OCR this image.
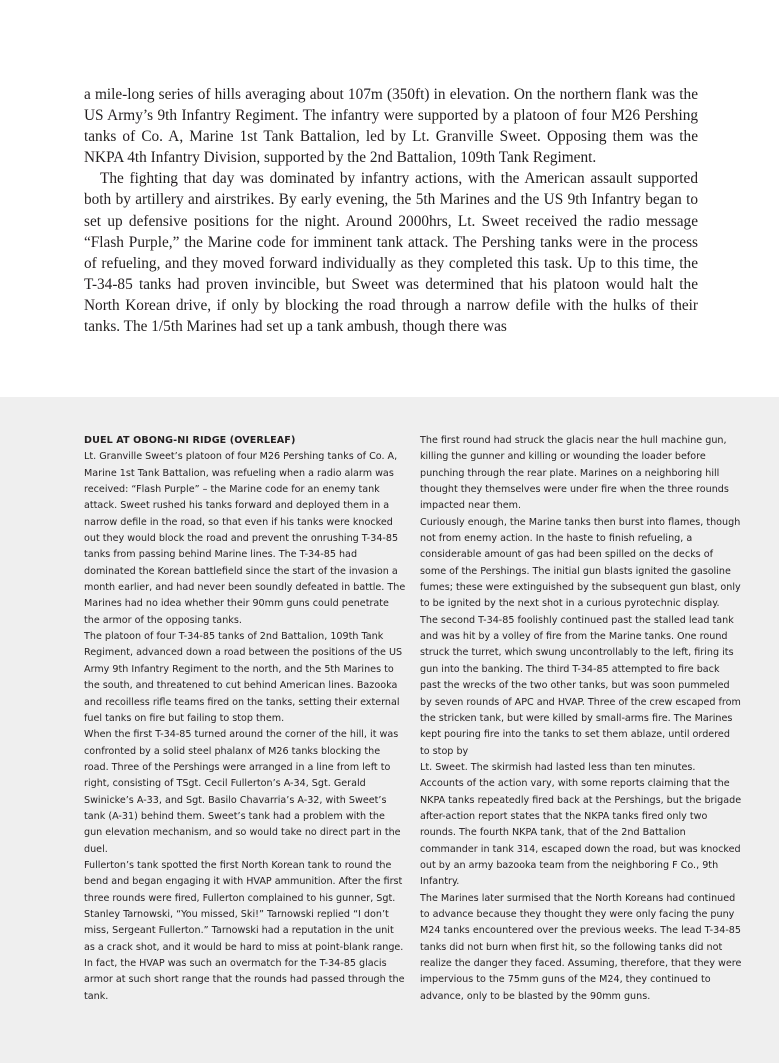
a mile-long series of hills averaging about 107m (350ft) in elevation. On the northern flank was the US Army’s 9th Infantry Regiment. The infantry were supported by a platoon of four M26 Pershing tanks of Co. A, Marine 1st Tank Battalion, led by Lt. Granville Sweet. Opposing them was the NKPA 4th Infantry Division, supported by the 2nd Battalion, 109th Tank Regiment.

The fighting that day was dominated by infantry actions, with the American assault supported both by artillery and airstrikes. By early evening, the 5th Marines and the US 9th Infantry began to set up defensive positions for the night. Around 2000hrs, Lt. Sweet received the radio message “Flash Purple,” the Marine code for imminent tank attack. The Pershing tanks were in the process of refueling, and they moved forward individually as they completed this task. Up to this time, the T-34-85 tanks had proven invincible, but Sweet was determined that his platoon would halt the North Korean drive, if only by blocking the road through a narrow defile with the hulks of their tanks. The 1/5th Marines had set up a tank ambush, though there was

DUEL AT OBONG-NI RIDGE (OVERLEAF)

Lt. Granville Sweet’s platoon of four M26 Pershing tanks of Co. A, Marine 1st Tank Battalion, was refueling when a radio alarm was received: “Flash Purple” – the Marine code for an enemy tank attack. Sweet rushed his tanks forward and deployed them in a narrow defile in the road, so that even if his tanks were knocked out they would block the road and prevent the onrushing T-34-85 tanks from passing behind Marine lines. The T-34-85 had dominated the Korean battlefield since the start of the invasion a month earlier, and had never been soundly defeated in battle. The Marines had no idea whether their 90mm guns could penetrate the armor of the opposing tanks.

The platoon of four T-34-85 tanks of 2nd Battalion, 109th Tank Regiment, advanced down a road between the positions of the US Army 9th Infantry Regiment to the north, and the 5th Marines to the south, and threatened to cut behind American lines. Bazooka and recoilless rifle teams fired on the tanks, setting their external fuel tanks on fire but failing to stop them.

When the first T-34-85 turned around the corner of the hill, it was confronted by a solid steel phalanx of M26 tanks blocking the road. Three of the Pershings were arranged in a line from left to right, consisting of TSgt. Cecil Fullerton’s A-34, Sgt. Gerald Swinicke’s A-33, and Sgt. Basilo Chavarria’s A-32, with Sweet’s tank (A-31) behind them. Sweet’s tank had a problem with the gun elevation mechanism, and so would take no direct part in the duel.

Fullerton’s tank spotted the first North Korean tank to round the bend and began engaging it with HVAP ammunition. After the first three rounds were fired, Fullerton complained to his gunner, Sgt. Stanley Tarnowski, “You missed, Ski!” Tarnowski replied “I don’t miss, Sergeant Fullerton.” Tarnowski had a reputation in the unit as a crack shot, and it would be hard to miss at point-blank range. In fact, the HVAP was such an overmatch for the T-34-85 glacis armor at such short range that the rounds had passed through the tank.

The first round had struck the glacis near the hull machine gun, killing the gunner and killing or wounding the loader before punching through the rear plate. Marines on a neighboring hill thought they themselves were under fire when the three rounds impacted near them.

Curiously enough, the Marine tanks then burst into flames, though not from enemy action. In the haste to finish refueling, a considerable amount of gas had been spilled on the decks of some of the Pershings. The initial gun blasts ignited the gasoline fumes; these were extinguished by the subsequent gun blast, only to be ignited by the next shot in a curious pyrotechnic display.

The second T-34-85 foolishly continued past the stalled lead tank and was hit by a volley of fire from the Marine tanks. One round struck the turret, which swung uncontrollably to the left, firing its gun into the banking. The third T-34-85 attempted to fire back past the wrecks of the two other tanks, but was soon pummeled by seven rounds of APC and HVAP. Three of the crew escaped from the stricken tank, but were killed by small-arms fire. The Marines kept pouring fire into the tanks to set them ablaze, until ordered to stop by

Lt. Sweet. The skirmish had lasted less than ten minutes. Accounts of the action vary, with some reports claiming that the NKPA tanks repeatedly fired back at the Pershings, but the brigade after-action report states that the NKPA tanks fired only two rounds. The fourth NKPA tank, that of the 2nd Battalion commander in tank 314, escaped down the road, but was knocked out by an army bazooka team from the neighboring F Co., 9th Infantry.

The Marines later surmised that the North Koreans had continued to advance because they thought they were only facing the puny M24 tanks encountered over the previous weeks. The lead T-34-85 tanks did not burn when first hit, so the following tanks did not realize the danger they faced. Assuming, therefore, that they were impervious to the 75mm guns of the M24, they continued to advance, only to be blasted by the 90mm guns.
